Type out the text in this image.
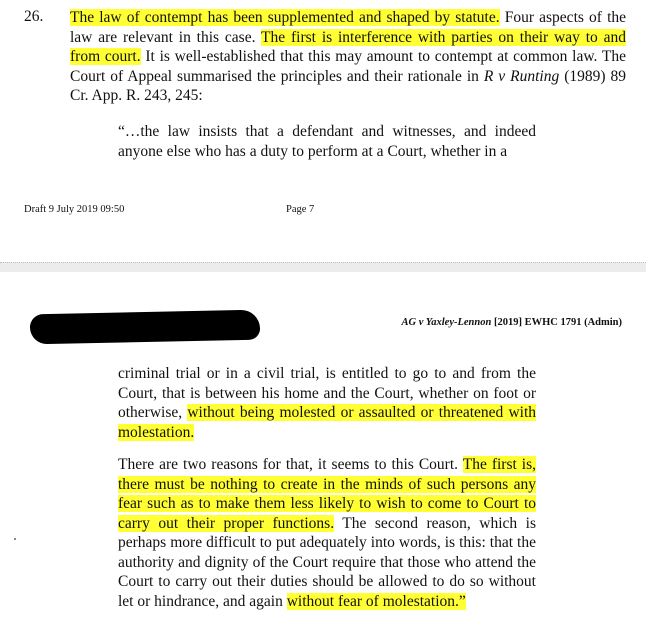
26. The law of contempt has been supplemented and shaped by statute. Four aspects of the law are relevant in this case. The first is interference with parties on their way to and from court. It is well-established that this may amount to contempt at common law. The Court of Appeal summarised the principles and their rationale in R v Runting (1989) 89 Cr. App. R. 243, 245:
“…the law insists that a defendant and witnesses, and indeed anyone else who has a duty to perform at a Court, whether in a
Draft 9 July 2019 09:50	Page 7
AG v Yaxley-Lennon [2019] EWHC 1791 (Admin)
criminal trial or in a civil trial, is entitled to go to and from the Court, that is between his home and the Court, whether on foot or otherwise, without being molested or assaulted or threatened with molestation.
There are two reasons for that, it seems to this Court. The first is, there must be nothing to create in the minds of such persons any fear such as to make them less likely to wish to come to Court to carry out their proper functions. The second reason, which is perhaps more difficult to put adequately into words, is this: that the authority and dignity of the Court require that those who attend the Court to carry out their duties should be allowed to do so without let or hindrance, and again without fear of molestation.”
